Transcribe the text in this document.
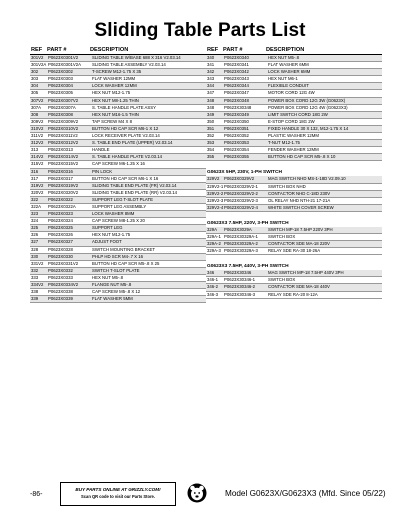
Sliding Table Parts List
REF PART #	DESCRIPTION
301V2	P0623X0301V2	SLIDING TABLE W/BASE 688 X 316 V2.03.14
301V2A	P0623X0301V2A	SLIDING TABLE ASSEMBLY V2.03.14
302	P0623X0302	T-SCREW M12-1.75 X 35
303	P0623X0303	FLAT WASHER 12MM
304	P0623X0304	LOCK WASHER 12MM
305	P0623X0305	HEX NUT M12-1.75
307V2	P0623X0307V2	HEX NUT M8-1.25 THIN
307A	P0623X0307A	S. TABLE HANDLE PLATE ASSY
308	P0623X0308	HEX NUT M16-1.5 THIN
309V2	P0623X0309V2	TAP SCREW M4 X 8
310V2	P0623X0310V2	BUTTON HD CAP SCR M6-1 X 12
311V2	P0623X0311V2	LOCK RECEIVER PLATE V2.03.14
312V2	P0623X0312V2	S. TABLE END PLATE (UPPER) V2.03.14
313	P0623X0313	HANDLE
314V2	P0623X0314V2	S. TABLE HANDLE PLATE V2.03.14
315V2	P0623X0315V2	CAP SCREW M6-1.25 X 16
316	P0623X0316	PIN LOCK
317	P0623X0317	BUTTON HD CAP SCR M6-1 X 16
319V2	P0623X0319V2	SLIDING TABLE END PLATE (FR) V2.03.14
320V2	P0623X0320V2	SLIDING TABLE END PLATE (RR) V2.03.14
322	P0623X0322	SUPPORT LEG T-SLOT PLATE
322A	P0623X0322A	SUPPORT LEG ASSEMBLY
323	P0623X0323	LOCK WASHER 8MM
324	P0623X0324	CAP SCREW M8-1.25 X 20
325	P0623X0325	SUPPORT LEG
326	P0623X0326	HEX NUT M12-1.75
327	P0623X0327	ADJUST FOOT
328	P0623X0328	SWITCH MOUNTING BRACKET
330	P0623X0330	PHLP HD SCR M4-.7 X 16
331V2	P0623X0331V2	BUTTON HD CAP SCR M5-.8 X 25
332	P0623X0332	SWITCH T-SLOT PLATE
333	P0623X0333	HEX NUT M5-.8
334V2	P0623X0334V2	FLANGE NUT M5-.8
338	P0623X0338	CAP SCREW M5-.8 X 12
339	P0623X0339	FLAT WASHER 5MM
REF PART #	DESCRIPTION
340	P0623X0340	HEX NUT M5-.8
341	P0623X0341	FLAT WASHER 6MM
342	P0623X0342	LOCK WASHER 6MM
343	P0623X0343	HEX NUT M6-1
344	P0623X0344	FLEXIBLE CONDUIT
347	P0623X0347	MOTOR CORD 12G 4W
348	P0623X0348	POWER BOX CORD 12G 3W (G0623X)
348	P0623X30348	POWER BOX CORD 12G 4W (G0623X3)
349	P0623X0349	LIMIT SWITCH CORD 18G 2W
350	P0623X0350	E-STOP CORD 18G 2W
351	P0623X0351	FIXED HANDLE 30 X 132, M12-1.75 X 14
352	P0623X0352	PLASTIC WASHER 12MM
353	P0623X0353	T-NUT M12-1.75
354	P0623X0354	FENDER WASHER 12MM
355	P0623X0355	BUTTON HD CAP SCR M5-.8 X 10
G0623X 5HP, 230V, 1-PH SWITCH
329V2	P0623X0329V2	MAG SWITCH NHD MS-1-18D V2.09.10
329V2-1	P0623X0329V2-1	SWITCH BOX NHD
329V2-2	P0623X0329V2-2	CONTACTOR NHD C-18D 230V
329V2-3	P0623X0329V2-3	OL RELAY NHD NTH-21 17-21A
329V2-4	P0623X0329V2-4	WHITE SWITCH COVER SCREW
G0623X3 7.5HP, 220V, 3-PH SWITCH
329A	P0623X3029A	SWITCH MP-18 7.5HP 220V 3PH
329A-1	P0623X30329A-1	SWITCH BOX
329A-2	P0623X30329A-2	CONTACTOR SDE MA-18 220V
329A-3	P0623X30329A-3	RELAY SDE RA-30 18-26A
G0623X3 7.5HP, 440V, 3-PH SWITCH
346	P0623X30346	MAG SWITCH MP-18 7.5HP 440V 3PH
346-1	P0623X30346-1	SWITCH BOX
346-2	P0623X30346-2	CONTACTOR SDE MA-18 440V
346-3	P0623X30346-3	RELAY SDE RA-20 8-12A
-86-
BUY PARTS ONLINE AT GRIZZLY.COM!
Scan QR code to visit our Parts Store.	Model G0623X/G0623X3 (Mfd. Since 05/22)
